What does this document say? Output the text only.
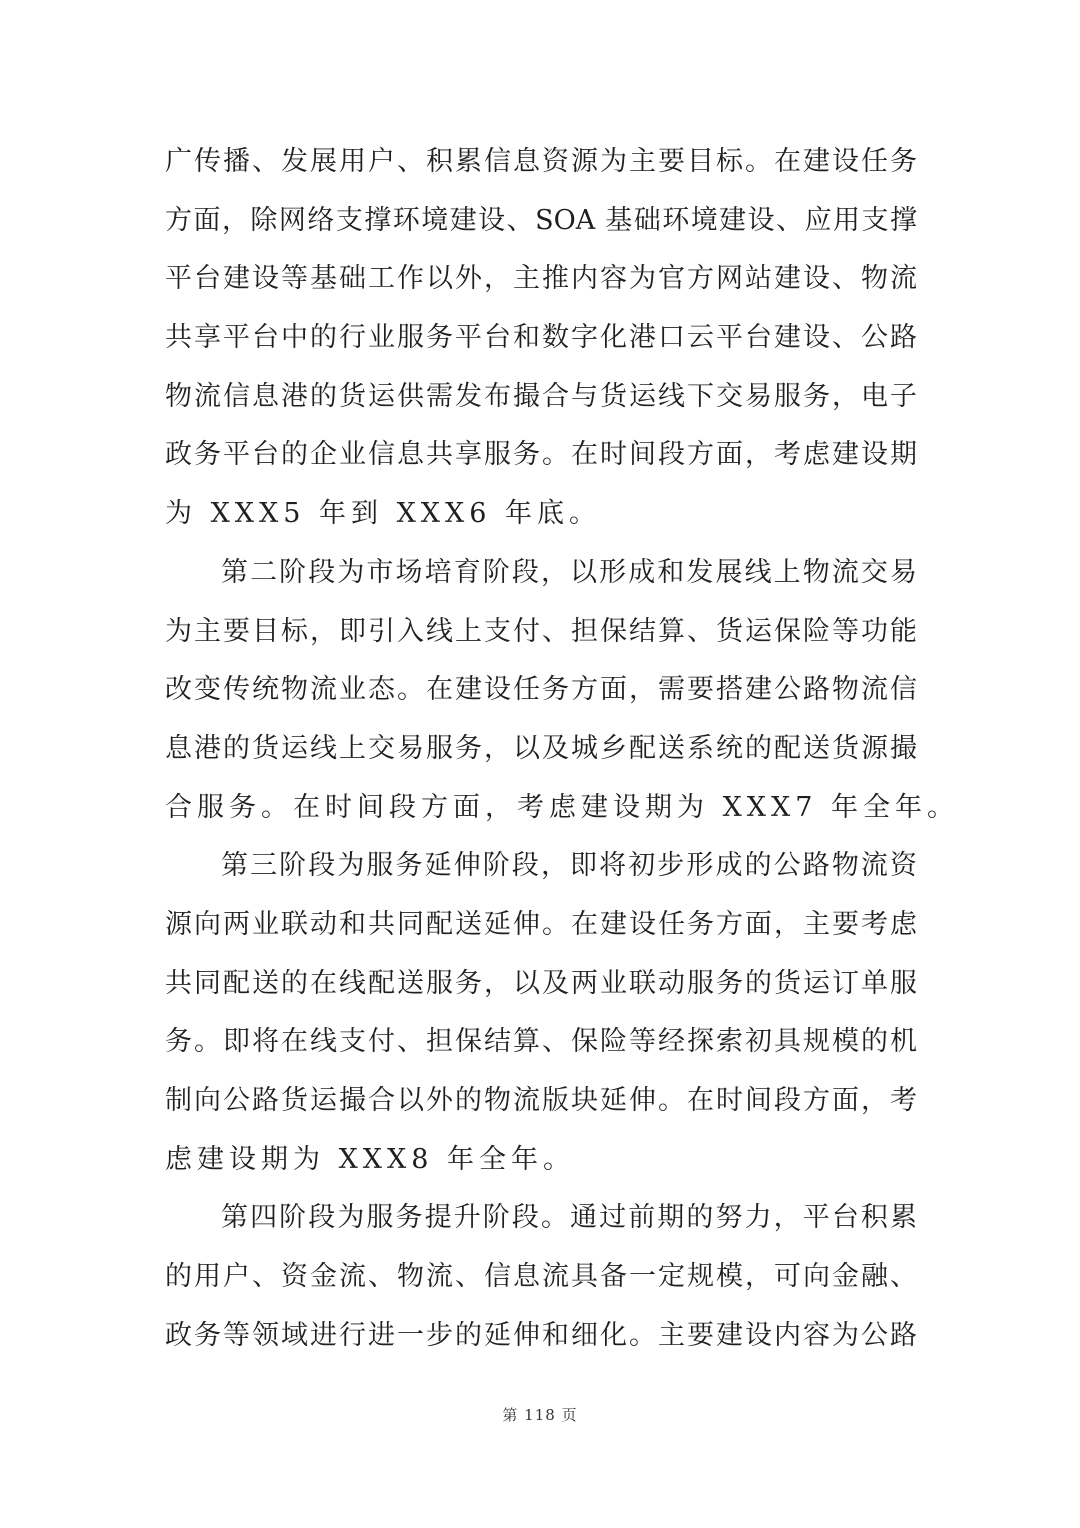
广传播、发展用户、积累信息资源为主要目标。在建设任务
方面，除网络支撑环境建设、SOA 基础环境建设、应用支撑
平台建设等基础工作以外，主推内容为官方网站建设、物流
共享平台中的行业服务平台和数字化港口云平台建设、公路
物流信息港的货运供需发布撮合与货运线下交易服务，电子
政务平台的企业信息共享服务。在时间段方面，考虑建设期
为 XXX5 年到 XXX6 年底。
第二阶段为市场培育阶段，以形成和发展线上物流交易
为主要目标，即引入线上支付、担保结算、货运保险等功能
改变传统物流业态。在建设任务方面，需要搭建公路物流信
息港的货运线上交易服务，以及城乡配送系统的配送货源撮
合服务。在时间段方面，考虑建设期为 XXX7 年全年。
第三阶段为服务延伸阶段，即将初步形成的公路物流资
源向两业联动和共同配送延伸。在建设任务方面，主要考虑
共同配送的在线配送服务，以及两业联动服务的货运订单服
务。即将在线支付、担保结算、保险等经探索初具规模的机
制向公路货运撮合以外的物流版块延伸。在时间段方面，考
虑建设期为 XXX8 年全年。
第四阶段为服务提升阶段。通过前期的努力，平台积累
的用户、资金流、物流、信息流具备一定规模，可向金融、
政务等领域进行进一步的延伸和细化。主要建设内容为公路
第 118 页
